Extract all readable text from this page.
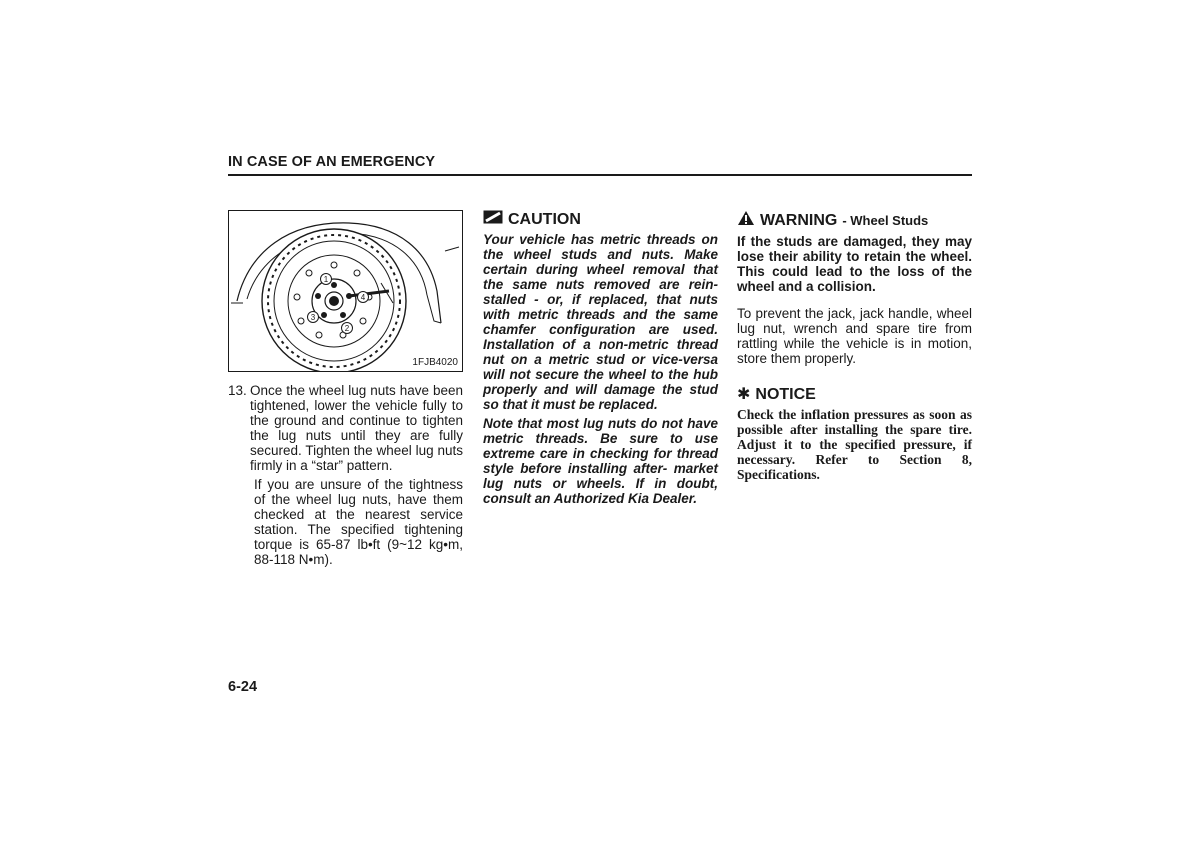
IN CASE OF AN EMERGENCY
1
2
3
4
1FJB4020
13. Once the wheel lug nuts have been tightened, lower the vehicle fully to the ground and continue to tighten the lug nuts until they are fully secured. Tighten the wheel lug nuts firmly in a “star” pattern.
If you are unsure of the tightness of the wheel lug nuts, have them checked at the nearest service station. The specified tightening torque is 65-87 lb•ft (9~12 kg•m, 88-118 N•m).
CAUTION

Your vehicle has metric threads on the wheel studs and nuts. Make certain during wheel removal that the same nuts removed are rein- stalled - or, if replaced, that nuts with metric threads and the same chamfer configuration are used. Installation of a non-metric thread nut on a metric stud or vice-versa will not secure the wheel to the hub properly and will damage the stud so that it must be replaced.

Note that most lug nuts do not have metric threads. Be sure to use extreme care in checking for thread style before installing after- market lug nuts or wheels. If in doubt, consult an Authorized Kia Dealer.

WARNING - Wheel Studs
If the studs are damaged, they may lose their ability to retain the wheel. This could lead to the loss of the wheel and a collision.
To prevent the jack, jack handle, wheel lug nut, wrench and spare tire from rattling while the vehicle is in motion, store them properly.
✱ NOTICE
Check the inflation pressures as soon as possible after installing the spare tire. Adjust it to the specified pressure, if necessary. Refer to Section 8, Specifications.
6-24
